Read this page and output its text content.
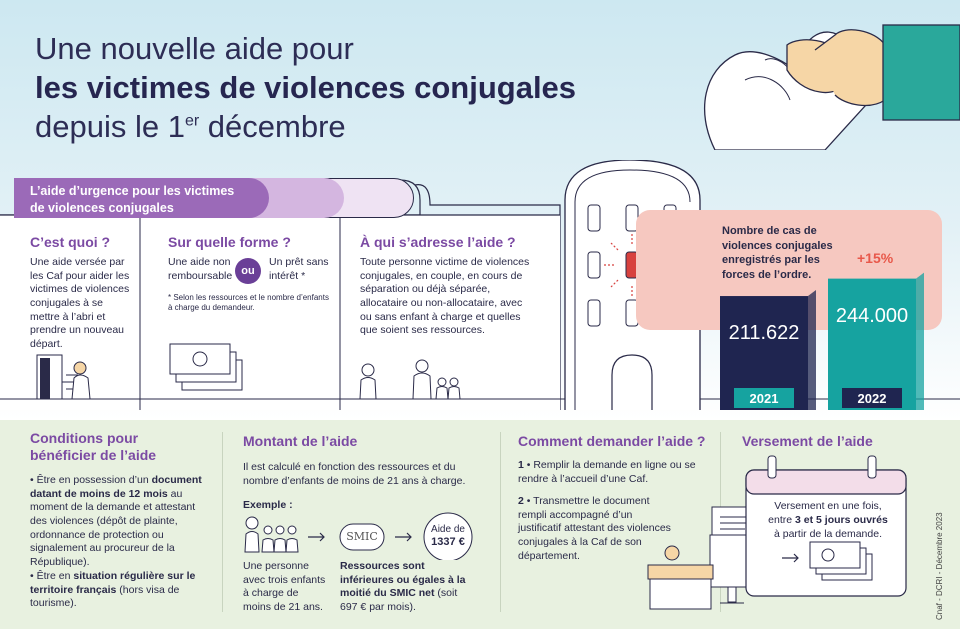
Une nouvelle aide pour
les victimes de violences conjugales
depuis le 1er décembre
L’aide d’urgence pour les victimes
de violences conjugales
C’est quoi ?
Une aide versée par les Caf pour aider les victimes de violences conjugales à se mettre à l’abri et prendre un nouveau départ.
Sur quelle forme ?
Une aide non remboursable ou
Un prêt sans intérêt *
* Selon les ressources et le nombre d’enfants à charge du demandeur.
À qui s’adresse l’aide ?
Toute personne victime de violences conjugales, en couple, en cours de séparation ou déjà séparée, allocataire ou non-allocataire, avec ou sans enfant à charge et quelles que soient ses ressources.
Nombre de cas de violences conjugales enregistrés par les forces de l’ordre.
+15%
211.622
244.000
2021	2022
Conditions pour
bénéficier de l’aide
• Être en possession d’un document datant de moins de 12 mois au moment de la demande et attestant des violences (dépôt de plainte, ordonnance de protection ou signalement au procureur de la République).
• Être en situation régulière sur le territoire français (hors visa de tourisme).
Montant de l’aide
Il est calculé en fonction des ressources et du nombre d’enfants de moins de 21 ans à charge.
Exemple :
SMIC
Aide de
1337 €
Une personne avec trois enfants à charge de moins de 21 ans.
Ressources sont inférieures ou égales à la moitié du SMIC net (soit 697 € par mois).
Comment demander l’aide ?
1 • Remplir la demande en ligne ou se rendre à l’accueil d’une Caf.
2 • Transmettre le document rempli accompagné d’un justificatif attestant des violences conjugales à la Caf de son département.
Versement de l’aide
Versement en une fois,
entre 3 et 5 jours ouvrés
à partir de la demande.	Cnaf - DCRI - Décembre 2023
